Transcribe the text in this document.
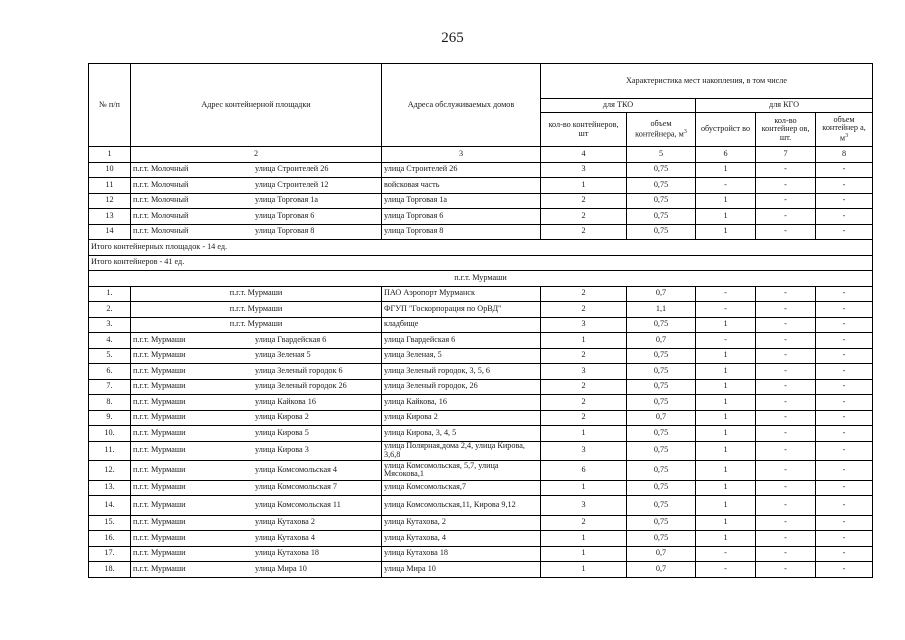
265
№ п/п	Адрес контейнерной площадки	Адреса обслуживаемых домов	Характеристика мест накопления, в том числе				
			для ТКО		для КГО		
			кол-во контейнеров, шт	объем контейнера, $м^3$	обустройст во	кол-во контейнер ов, шт.	объем контейнер а, $м^3$
1	2	3	4	5	6	7	8
10	п.г.т. Молочный улица Строителей 26	улица Строителей 26	3	0,75	1	-	-
11	п.г.т. Молочный улица Строителей 12	войсковая часть	1	0,75	-	-	-
12	п.г.т. Молочный улица Торговая 1а	улица Торговая 1а	2	0,75	1	-	-
13	п.г.т. Молочный улица Торговая 6	улица Торговая 6	2	0,75	1	-	-
14	п.г.т. Молочный улица Торговая 8	улица Торговая 8	2	0,75	1	-	-
Итого контейнерных площадок - 14 ед.							
Итого контейнеров - 41 ед.							
п.г.т. Мурмаши							
1.	п.г.т. Мурмаши	ПАО Аэропорт Мурманск	2	0,7	-	-	-
2.	п.г.т. Мурмаши	ФГУП "Госкорпорация по ОрВД"	2	1,1	-	-	-
3.	п.г.т. Мурмаши	кладбище	3	0,75	1	-	-
4.	п.г.т. Мурмаши улица Гвардейская 6	улица Гвардейская 6	1	0,7	-	-	-
5.	п.г.т. Мурмаши улица Зеленая 5	улица Зеленая, 5	2	0,75	1	-	-
6.	п.г.т. Мурмаши улица Зеленый городок 6	улица Зеленый городок, 3, 5, 6	3	0,75	1	-	-
7.	п.г.т. Мурмаши улица Зеленый городок 26	улица Зеленый городок, 26	2	0,75	1	-	-
8.	п.г.т. Мурмаши улица Кайкова 16	улица Кайкова, 16	2	0,75	1	-	-
9.	п.г.т. Мурмаши улица Кирова 2	улица Кирова 2	2	0,7	1	-	-
10.	п.г.т. Мурмаши улица Кирова 5	улица Кирова, 3, 4, 5	1	0,75	1	-	-
11.	п.г.т. Мурмаши улица Кирова 3	улица Полярная,дома 2,4, улица Кирова, 3,6,8	3	0,75	1	-	-
12.	п.г.т. Мурмаши улица Комсомольская 4	улица Комсомольская, 5,7, улица Мясокова,1	6	0,75	1	-	-
13.	п.г.т. Мурмаши улица Комсомольская 7	улица Комсомольская,7	1	0,75	1	-	-
14.	п.г.т. Мурмаши улица Комсомольская 11	улица Комсомольская,11, Кирова 9,12	3	0,75	1	-	-
15.	п.г.т. Мурмаши улица Кутахова 2	улица Кутахова, 2	2	0,75	1	-	-
16.	п.г.т. Мурмаши улица Кутахова 4	улица Кутахова, 4	1	0,75	1	-	-
17.	п.г.т. Мурмаши улица Кутахова 18	улица Кутахова 18	1	0,7	-	-	-
18.	п.г.т. Мурмаши улица Мира 10	улица Мира 10	1	0,7	-	-	-
